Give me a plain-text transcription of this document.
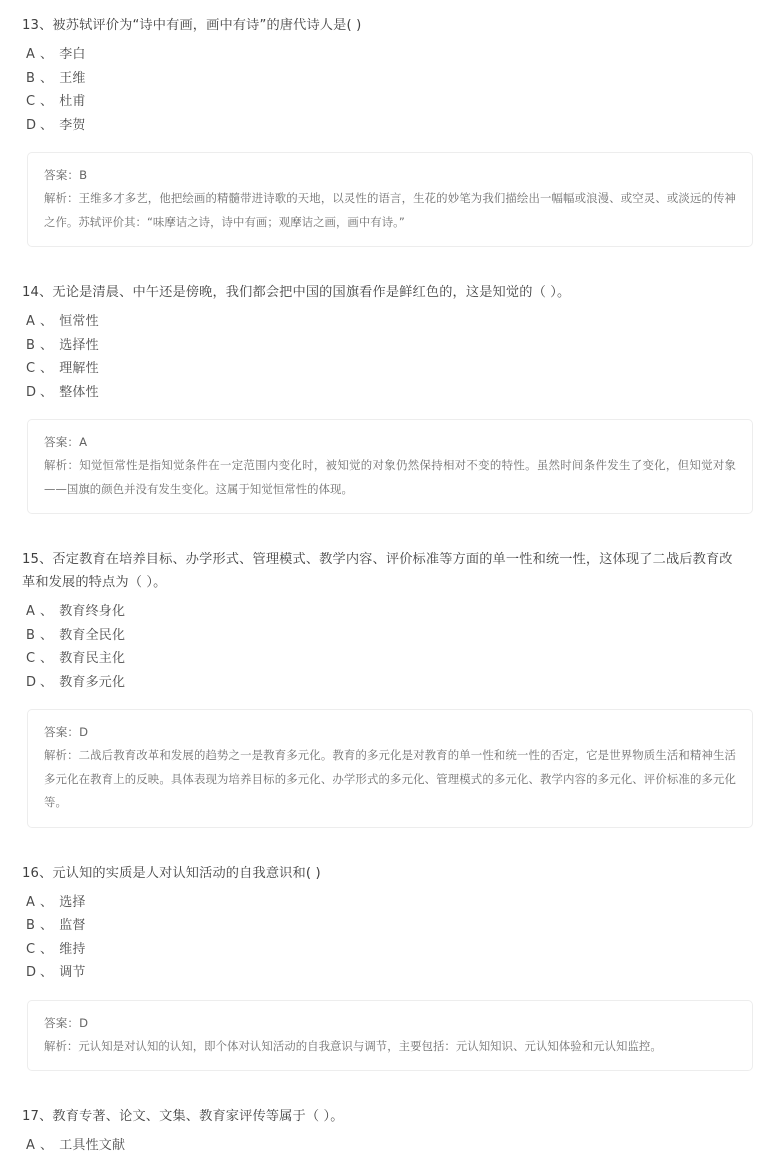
13、被苏轼评价为“诗中有画，画中有诗”的唐代诗人是( )
A 、 李白
B 、 王维
C 、 杜甫
D 、 李贺
答案：B
解析：王维多才多艺，他把绘画的精髓带进诗歌的天地，以灵性的语言，生花的妙笔为我们描绘出一幅幅或浪漫、或空灵、或淡远的传神之作。苏轼评价其：“味摩诘之诗，诗中有画；观摩诘之画，画中有诗。”
14、无论是清晨、中午还是傍晚，我们都会把中国的国旗看作是鲜红色的，这是知觉的（ ）。
A 、 恒常性
B 、 选择性
C 、 理解性
D 、 整体性
答案：A
解析：知觉恒常性是指知觉条件在一定范围内变化时，被知觉的对象仍然保持相对不变的特性。虽然时间条件发生了变化，但知觉对象——国旗的颜色并没有发生变化。这属于知觉恒常性的体现。
15、否定教育在培养目标、办学形式、管理模式、教学内容、评价标准等方面的单一性和统一性，这体现了二战后教育改革和发展的特点为（ ）。
A 、 教育终身化
B 、 教育全民化
C 、 教育民主化
D 、 教育多元化
答案：D
解析：二战后教育改革和发展的趋势之一是教育多元化。教育的多元化是对教育的单一性和统一性的否定，它是世界物质生活和精神生活多元化在教育上的反映。具体表现为培养目标的多元化、办学形式的多元化、管理模式的多元化、教学内容的多元化、评价标准的多元化等。
16、元认知的实质是人对认知活动的自我意识和( )
A 、 选择
B 、 监督
C 、 维持
D 、 调节
答案：D
解析：元认知是对认知的认知，即个体对认知活动的自我意识与调节，主要包括：元认知知识、元认知体验和元认知监控。
17、教育专著、论文、文集、教育家评传等属于（ ）。
A 、 工具性文献
